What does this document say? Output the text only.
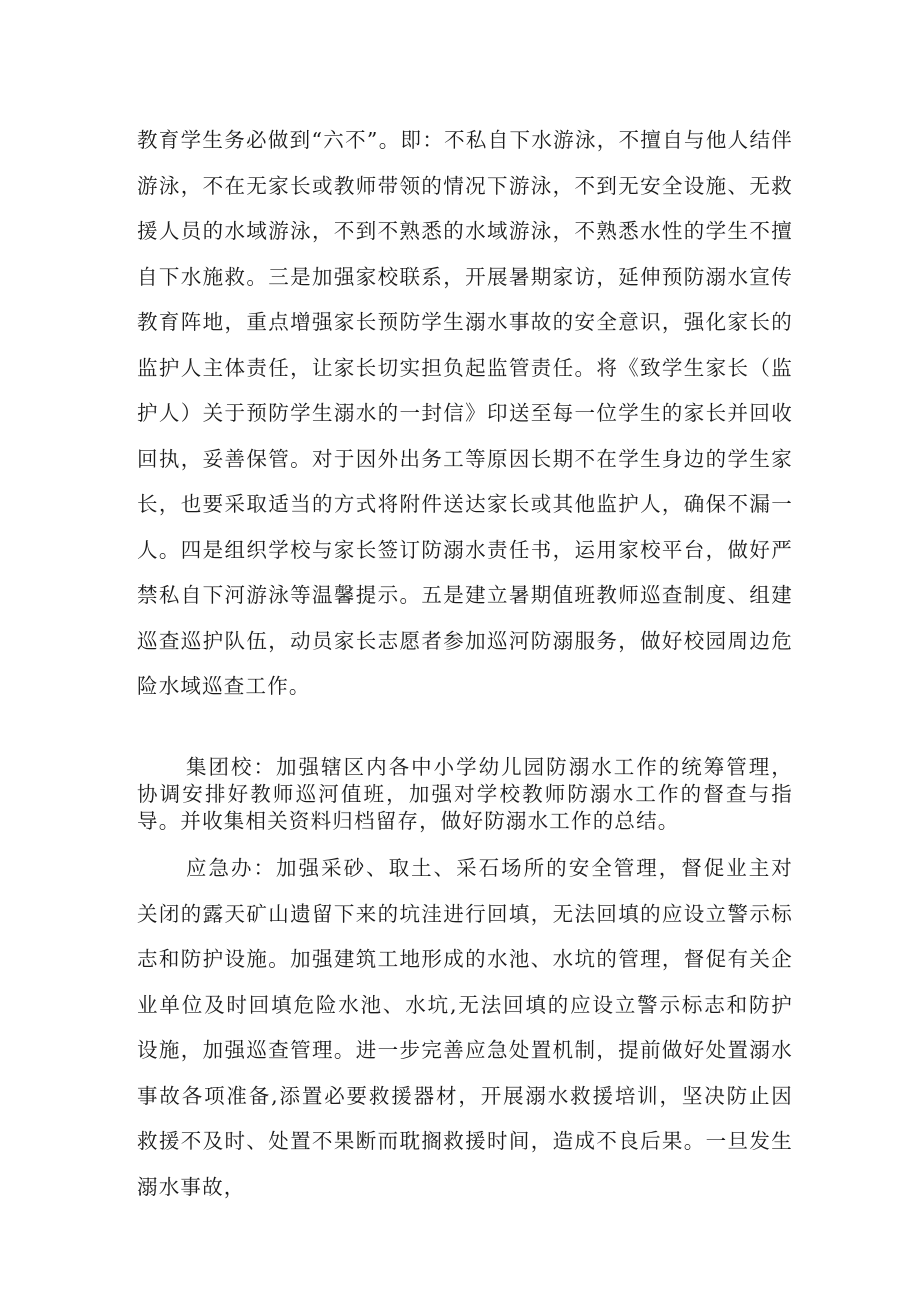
教育学生务必做到“六不”。即：不私自下水游泳，不擅自与他人结伴游泳，不在无家长或教师带领的情况下游泳，不到无安全设施、无救援人员的水域游泳，不到不熟悉的水域游泳，不熟悉水性的学生不擅自下水施救。三是加强家校联系，开展暑期家访，延伸预防溺水宣传教育阵地，重点增强家长预防学生溺水事故的安全意识，强化家长的监护人主体责任，让家长切实担负起监管责任。将《致学生家长（监护人）关于预防学生溺水的一封信》印送至每一位学生的家长并回收回执，妥善保管。对于因外出务工等原因长期不在学生身边的学生家长，也要采取适当的方式将附件送达家长或其他监护人，确保不漏一人。四是组织学校与家长签订防溺水责任书，运用家校平台，做好严禁私自下河游泳等温馨提示。五是建立暑期值班教师巡查制度、组建巡查巡护队伍，动员家长志愿者参加巡河防溺服务，做好校园周边危险水域巡查工作。

集团校：加强辖区内各中小学幼儿园防溺水工作的统筹管理，协调安排好教师巡河值班，加强对学校教师防溺水工作的督查与指导。并收集相关资料归档留存，做好防溺水工作的总结。

应急办：加强采砂、取土、采石场所的安全管理，督促业主对关闭的露天矿山遗留下来的坑洼进行回填，无法回填的应设立警示标志和防护设施。加强建筑工地形成的水池、水坑的管理，督促有关企业单位及时回填危险水池、水坑,无法回填的应设立警示标志和防护设施，加强巡查管理。进一步完善应急处置机制，提前做好处置溺水事故各项准备,添置必要救援器材，开展溺水救援培训，坚决防止因救援不及时、处置不果断而耽搁救援时间，造成不良后果。一旦发生溺水事故，
